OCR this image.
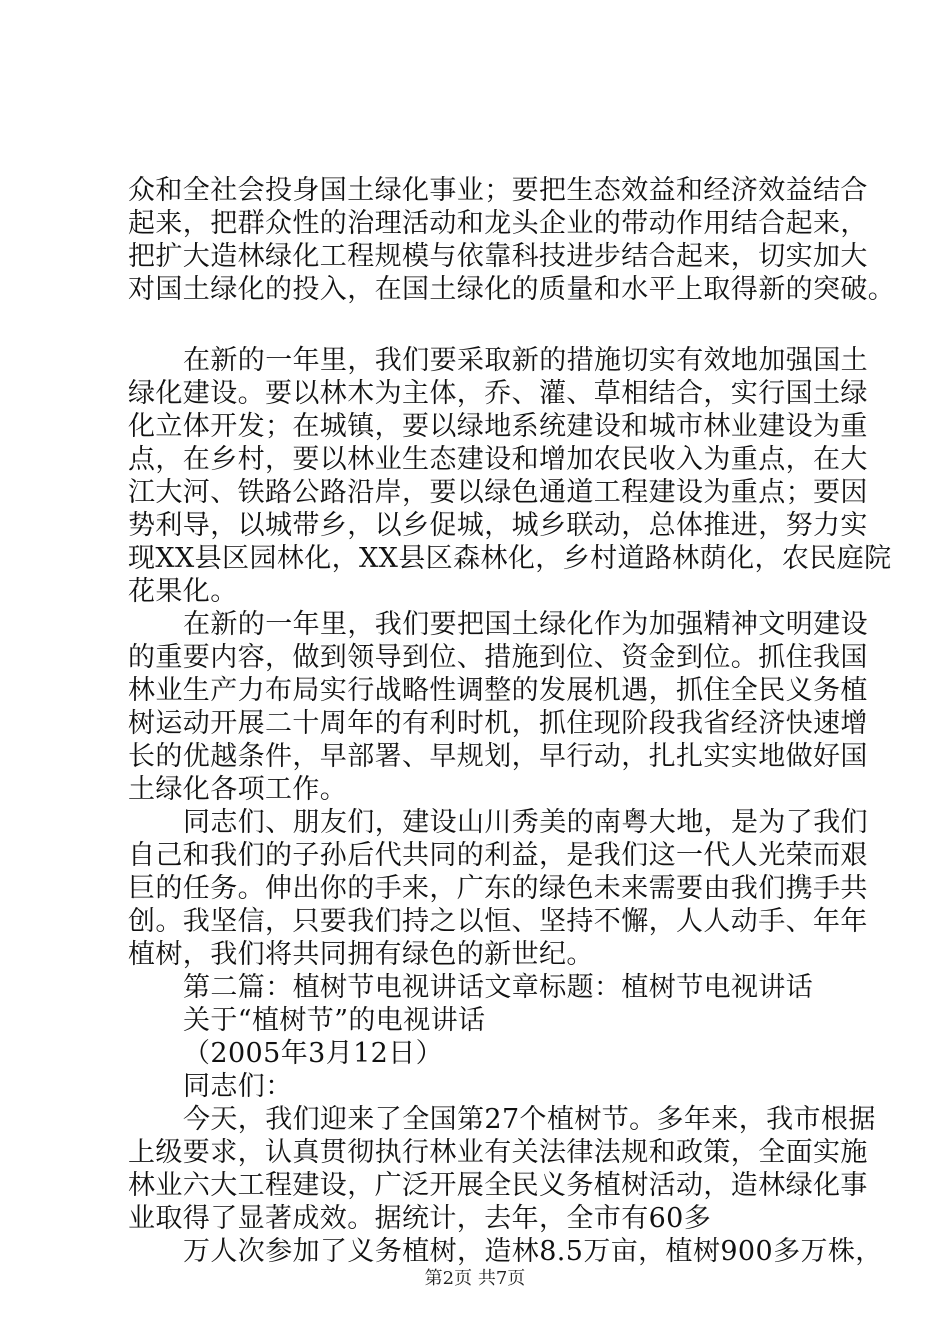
众和全社会投身国土绿化事业；要把生态效益和经济效益结合
起来，把群众性的治理活动和龙头企业的带动作用结合起来，
把扩大造林绿化工程规模与依靠科技进步结合起来，切实加大
对国土绿化的投入，在国土绿化的质量和水平上取得新的突破。
在新的一年里，我们要采取新的措施切实有效地加强国土
绿化建设。要以林木为主体，乔、灌、草相结合，实行国土绿
化立体开发；在城镇，要以绿地系统建设和城市林业建设为重
点，在乡村，要以林业生态建设和增加农民收入为重点，在大
江大河、铁路公路沿岸，要以绿色通道工程建设为重点；要因
势利导，以城带乡，以乡促城，城乡联动，总体推进，努力实
现XX县区园林化，XX县区森林化，乡村道路林荫化，农民庭院
花果化。
在新的一年里，我们要把国土绿化作为加强精神文明建设
的重要内容，做到领导到位、措施到位、资金到位。抓住我国
林业生产力布局实行战略性调整的发展机遇，抓住全民义务植
树运动开展二十周年的有利时机，抓住现阶段我省经济快速增
长的优越条件，早部署、早规划，早行动，扎扎实实地做好国
土绿化各项工作。
同志们、朋友们，建设山川秀美的南粤大地，是为了我们
自己和我们的子孙后代共同的利益，是我们这一代人光荣而艰
巨的任务。伸出你的手来，广东的绿色未来需要由我们携手共
创。我坚信，只要我们持之以恒、坚持不懈，人人动手、年年
植树，我们将共同拥有绿色的新世纪。
第二篇：植树节电视讲话文章标题：植树节电视讲话
关于“植树节”的电视讲话
（2005年3月12日）
同志们：
今天，我们迎来了全国第27个植树节。多年来，我市根据
上级要求，认真贯彻执行林业有关法律法规和政策，全面实施
林业六大工程建设，广泛开展全民义务植树活动，造林绿化事
业取得了显著成效。据统计，去年，全市有60多
万人次参加了义务植树，造林8.5万亩，植树900多万株，
第2页 共7页
